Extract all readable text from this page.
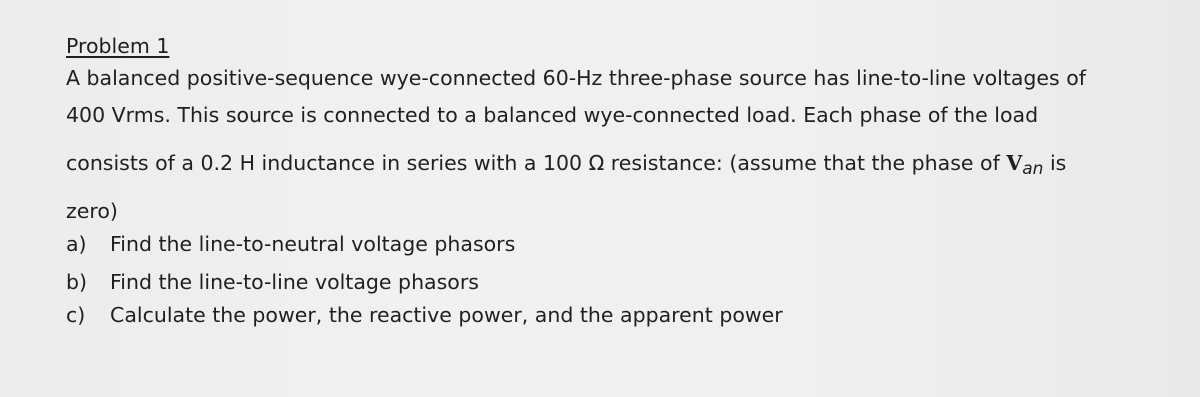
Problem 1
A balanced positive-sequence wye-connected 60-Hz three-phase source has line-to-line voltages of
400 Vrms. This source is connected to a balanced wye-connected load. Each phase of the load
consists of a 0.2 H inductance in series with a 100 Ω resistance: (assume that the phase of Van is
zero)
a) Find the line-to-neutral voltage phasors
b) Find the line-to-line voltage phasors
c) Calculate the power, the reactive power, and the apparent power
